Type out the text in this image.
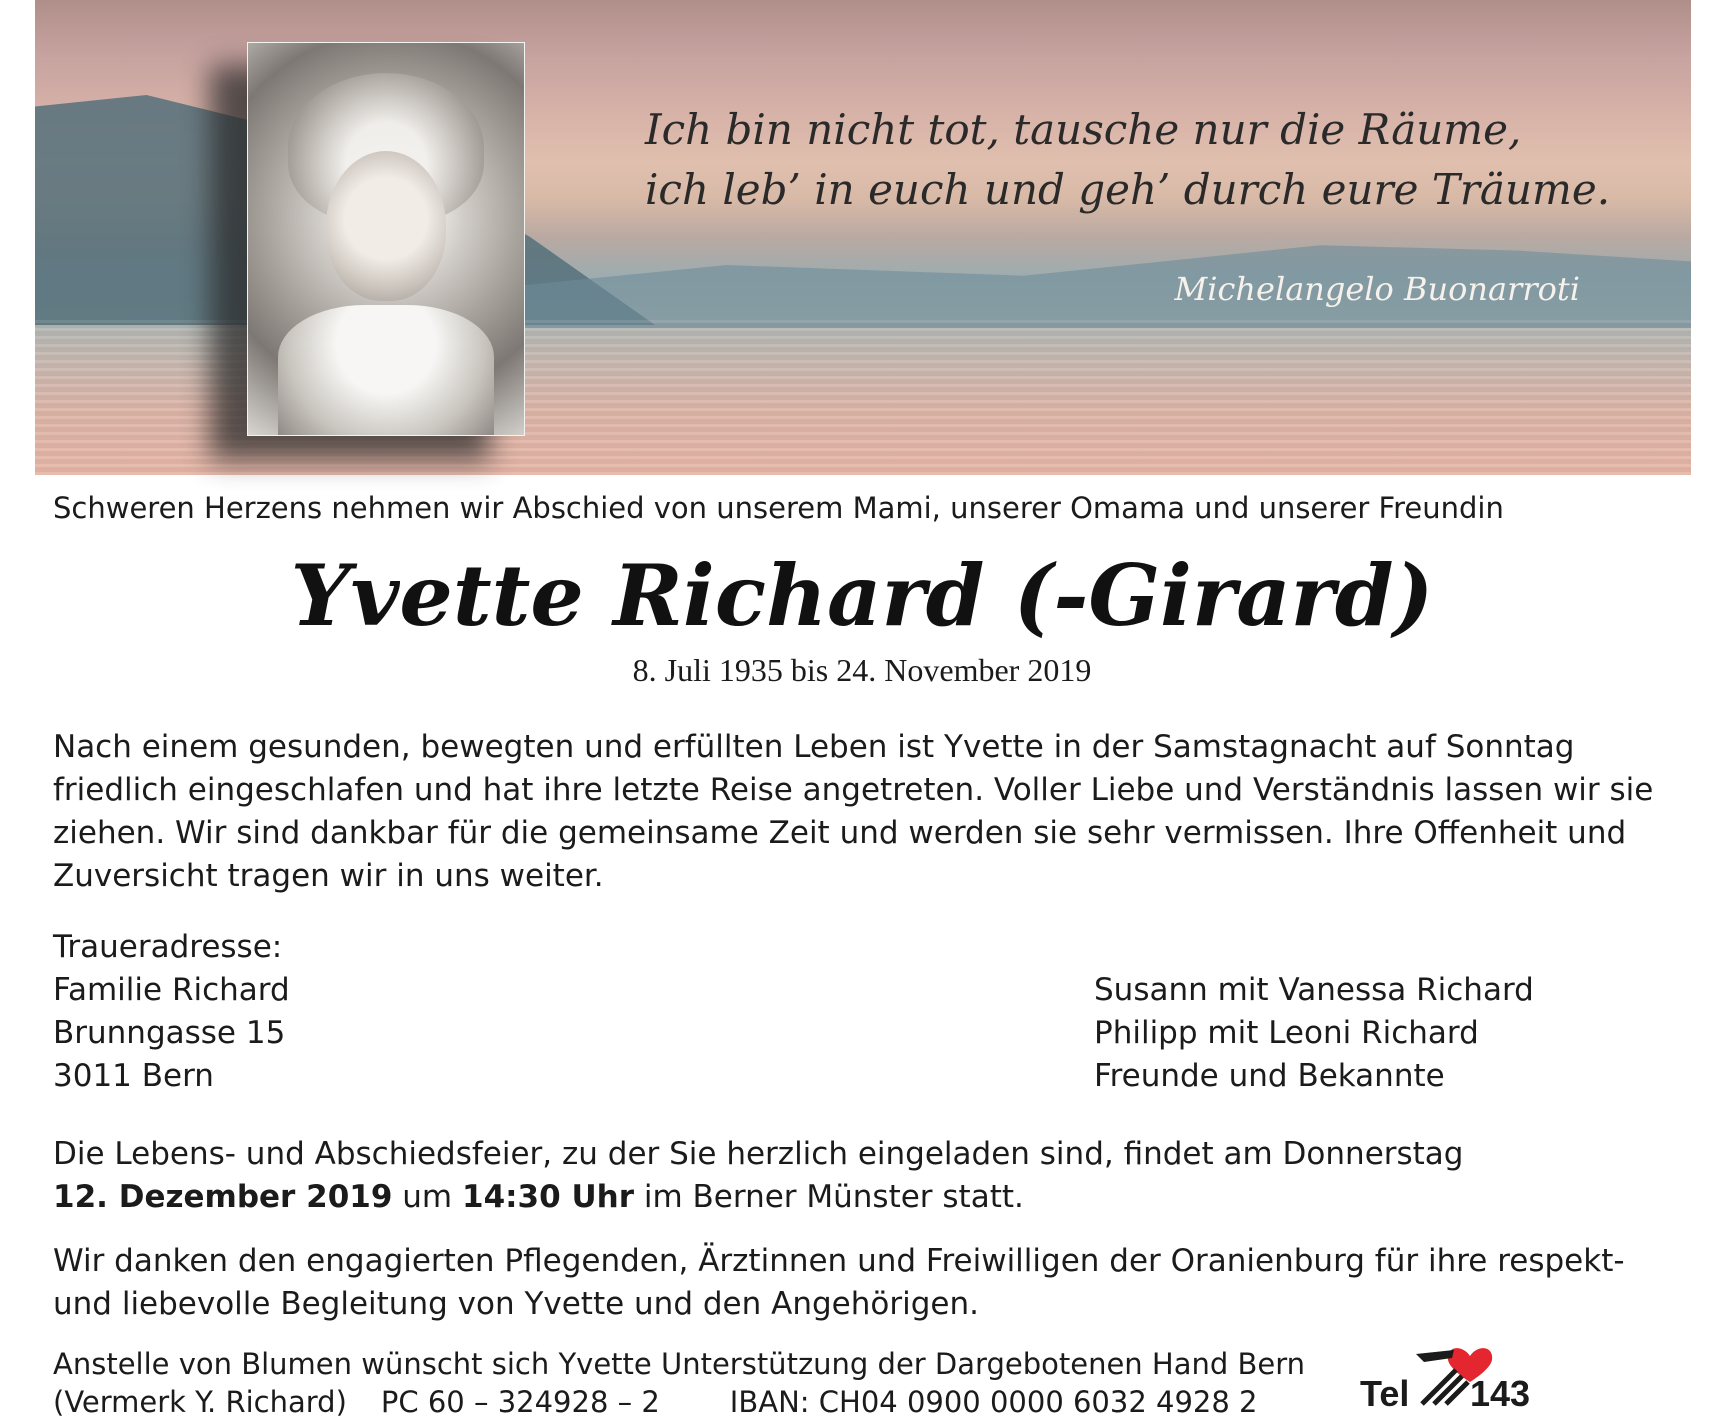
Ich bin nicht tot, tausche nur die Räume,
ich leb’ in euch und geh’ durch eure Träume.

Michelangelo Buonarroti

Schweren Herzens nehmen wir Abschied von unserem Mami, unserer Omama und unserer Freundin

Yvette Richard (-Girard)

8. Juli 1935 bis 24. November 2019

Nach einem gesunden, bewegten und erfüllten Leben ist Yvette in der Samstagnacht auf Sonntag friedlich eingeschlafen und hat ihre letzte Reise angetreten. Voller Liebe und Verständnis lassen wir sie ziehen. Wir sind dankbar für die gemeinsame Zeit und werden sie sehr vermissen. Ihre Offenheit und Zuversicht tragen wir in uns weiter.

Traueradresse:

Familie Richard
Brunngasse 15
3011 Bern

Susann mit Vanessa Richard
Philipp mit Leoni Richard
Freunde und Bekannte

Die Lebens- und Abschiedsfeier, zu der Sie herzlich eingeladen sind, findet am Donnerstag
12. Dezember 2019 um 14:30 Uhr im Berner Münster statt.

Wir danken den engagierten Pflegenden, Ärztinnen und Freiwilligen der Oranienburg für ihre respekt- und liebevolle Begleitung von Yvette und den Angehörigen.

Anstelle von Blumen wünscht sich Yvette Unterstützung der Dargebotenen Hand Bern
(Vermerk Y. Richard) PC 60 – 324928 – 2 IBAN: CH04 0900 0000 6032 4928 2	Tel 143
